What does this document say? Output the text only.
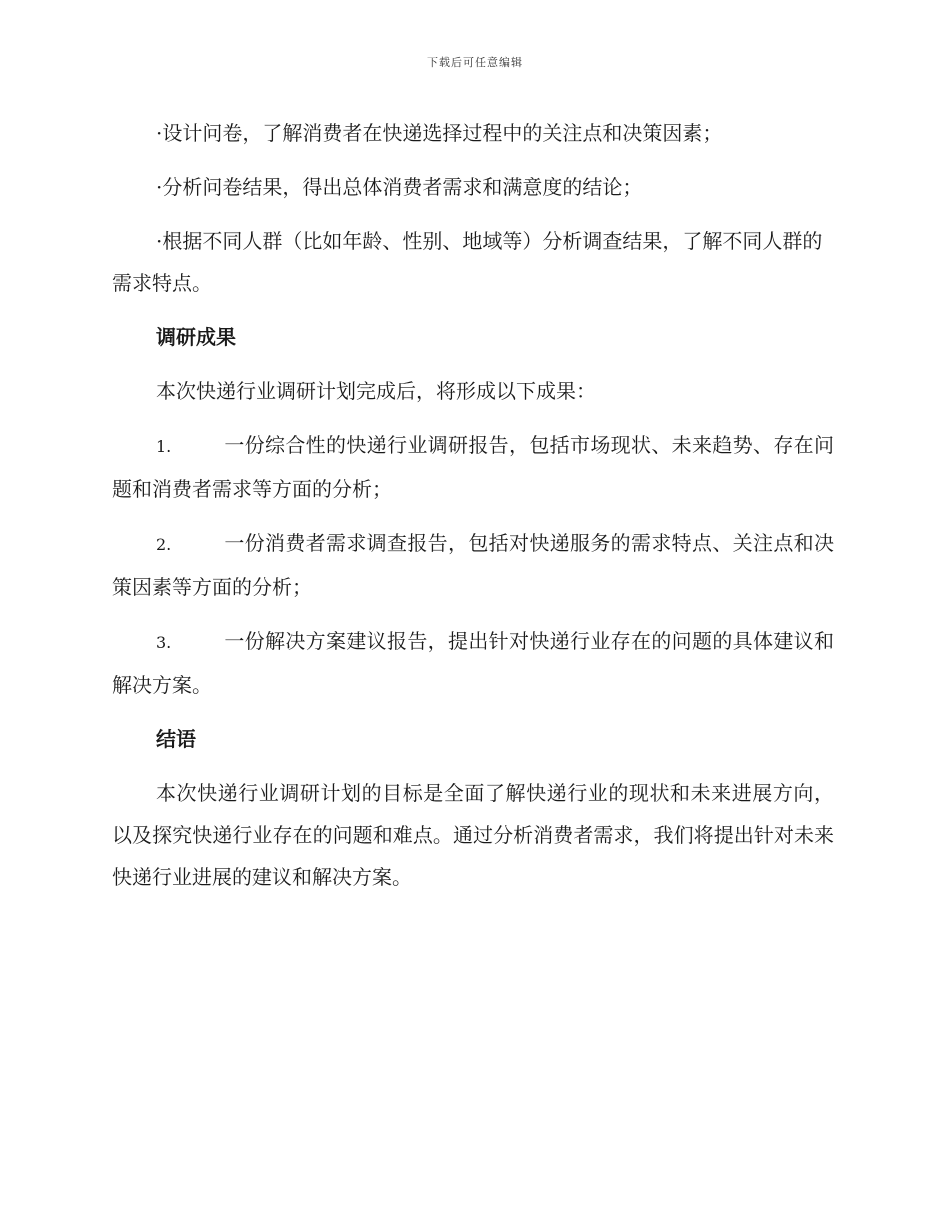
下载后可任意编辑

·设计问卷，了解消费者在快递选择过程中的关注点和决策因素；

·分析问卷结果，得出总体消费者需求和满意度的结论；

·根据不同人群（比如年龄、性别、地域等）分析调查结果，了解不同人群的需求特点。

调研成果

本次快递行业调研计划完成后，将形成以下成果：

1.	一份综合性的快递行业调研报告，包括市场现状、未来趋势、存在问题和消费者需求等方面的分析；

2.	一份消费者需求调查报告，包括对快递服务的需求特点、关注点和决策因素等方面的分析；

3.	一份解决方案建议报告，提出针对快递行业存在的问题的具体建议和解决方案。

结语

本次快递行业调研计划的目标是全面了解快递行业的现状和未来进展方向，以及探究快递行业存在的问题和难点。通过分析消费者需求，我们将提出针对未来快递行业进展的建议和解决方案。
